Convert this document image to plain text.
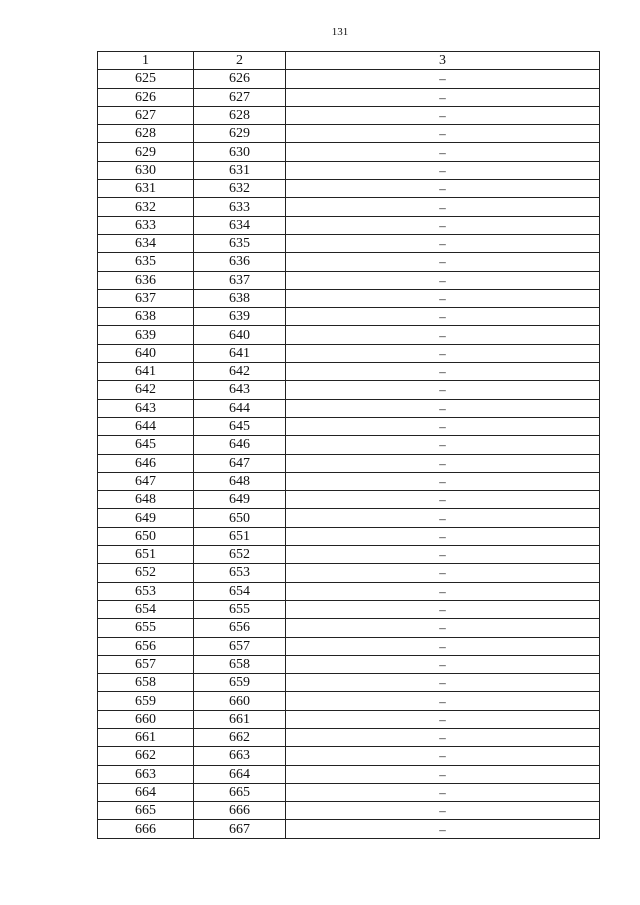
131
1	2	3
625	626	–
626	627	–
627	628	–
628	629	–
629	630	–
630	631	–
631	632	–
632	633	–
633	634	–
634	635	–
635	636	–
636	637	–
637	638	–
638	639	–
639	640	–
640	641	–
641	642	–
642	643	–
643	644	–
644	645	–
645	646	–
646	647	–
647	648	–
648	649	–
649	650	–
650	651	–
651	652	–
652	653	–
653	654	–
654	655	–
655	656	–
656	657	–
657	658	–
658	659	–
659	660	–
660	661	–
661	662	–
662	663	–
663	664	–
664	665	–
665	666	–
666	667	–
